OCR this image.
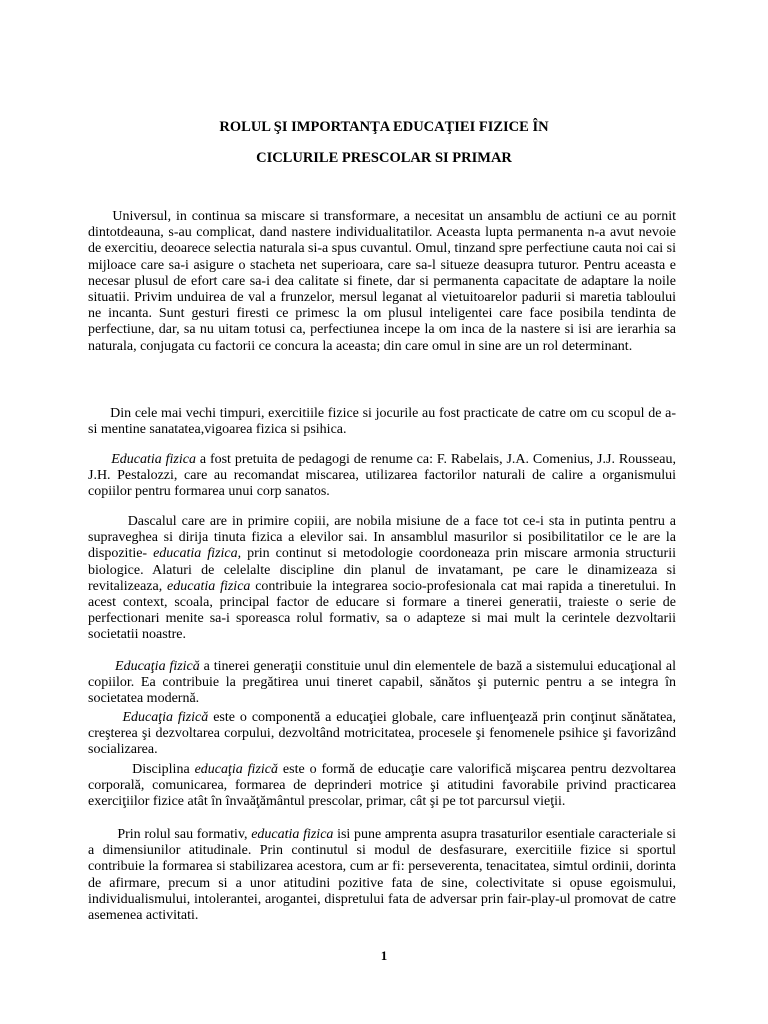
ROLUL ŞI IMPORTANŢA EDUCAŢIEI FIZICE ÎN
CICLURILE PRESCOLAR SI PRIMAR

Universul, in continua sa miscare si transformare, a necesitat un ansamblu de actiuni ce au pornit dintotdeauna, s-au complicat, dand nastere individualitatilor. Aceasta lupta permanenta n-a avut nevoie de exercitiu, deoarece selectia naturala si-a spus cuvantul. Omul, tinzand spre perfectiune cauta noi cai si mijloace care sa-i asigure o stacheta net superioara, care sa-l situeze deasupra tuturor. Pentru aceasta e necesar plusul de efort care sa-i dea calitate si finete, dar si permanenta capacitate de adaptare la noile situatii. Privim unduirea de val a frunzelor, mersul leganat al vietuitoarelor padurii si maretia tabloului ne incanta. Sunt gesturi firesti ce primesc la om plusul inteligentei care face posibila tendinta de perfectiune, dar, sa nu uitam totusi ca, perfectiunea incepe la om inca de la nastere si isi are ierarhia sa naturala, conjugata cu factorii ce concura la aceasta; din care omul in sine are un rol determinant.

Din cele mai vechi timpuri, exercitiile fizice si jocurile au fost practicate de catre om cu scopul de a-si mentine sanatatea,vigoarea fizica si psihica.

Educatia fizica a fost pretuita de pedagogi de renume ca: F. Rabelais, J.A. Comenius, J.J. Rousseau, J.H. Pestalozzi, care au recomandat miscarea, utilizarea factorilor naturali de calire a organismului copiilor pentru formarea unui corp sanatos.

Dascalul care are in primire copiii, are nobila misiune de a face tot ce-i sta in putinta pentru a supraveghea si dirija tinuta fizica a elevilor sai. In ansamblul masurilor si posibilitatilor ce le are la dispozitie- educatia fizica, prin continut si metodologie coordoneaza prin miscare armonia structurii biologice. Alaturi de celelalte discipline din planul de invatamant, pe care le dinamizeaza si revitalizeaza, educatia fizica contribuie la integrarea socio-profesionala cat mai rapida a tineretului. In acest context, scoala, principal factor de educare si formare a tinerei generatii, traieste o serie de perfectionari menite sa-i sporeasca rolul formativ, sa o adapteze si mai mult la cerintele dezvoltarii societatii noastre.

Educaţia fizică a tinerei generaţii constituie unul din elementele de bază a sistemului educaţional al copiilor. Ea contribuie la pregătirea unui tineret capabil, sănătos şi puternic pentru a se integra în societatea modernă.

Educaţia fizică este o componentă a educaţiei globale, care influenţează prin conţinut sănătatea, creşterea şi dezvoltarea corpului, dezvoltând motricitatea, procesele şi fenomenele psihice şi favorizând socializarea.

Disciplina educaţia fizică este o formă de educaţie care valorifică mişcarea pentru dezvoltarea corporală, comunicarea, formarea de deprinderi motrice şi atitudini favorabile privind practicarea exerciţiilor fizice atât în învaăţământul prescolar, primar, cât şi pe tot parcursul vieţii.

Prin rolul sau formativ, educatia fizica isi pune amprenta asupra trasaturilor esentiale caracteriale si a dimensiunilor atitudinale. Prin continutul si modul de desfasurare, exercitiile fizice si sportul contribuie la formarea si stabilizarea acestora, cum ar fi: perseverenta, tenacitatea, simtul ordinii, dorinta de afirmare, precum si a unor atitudini pozitive fata de sine, colectivitate si opuse egoismului, individualismului, intolerantei, arogantei, dispretului fata de adversar prin fair-play-ul promovat de catre asemenea activitati.

1
